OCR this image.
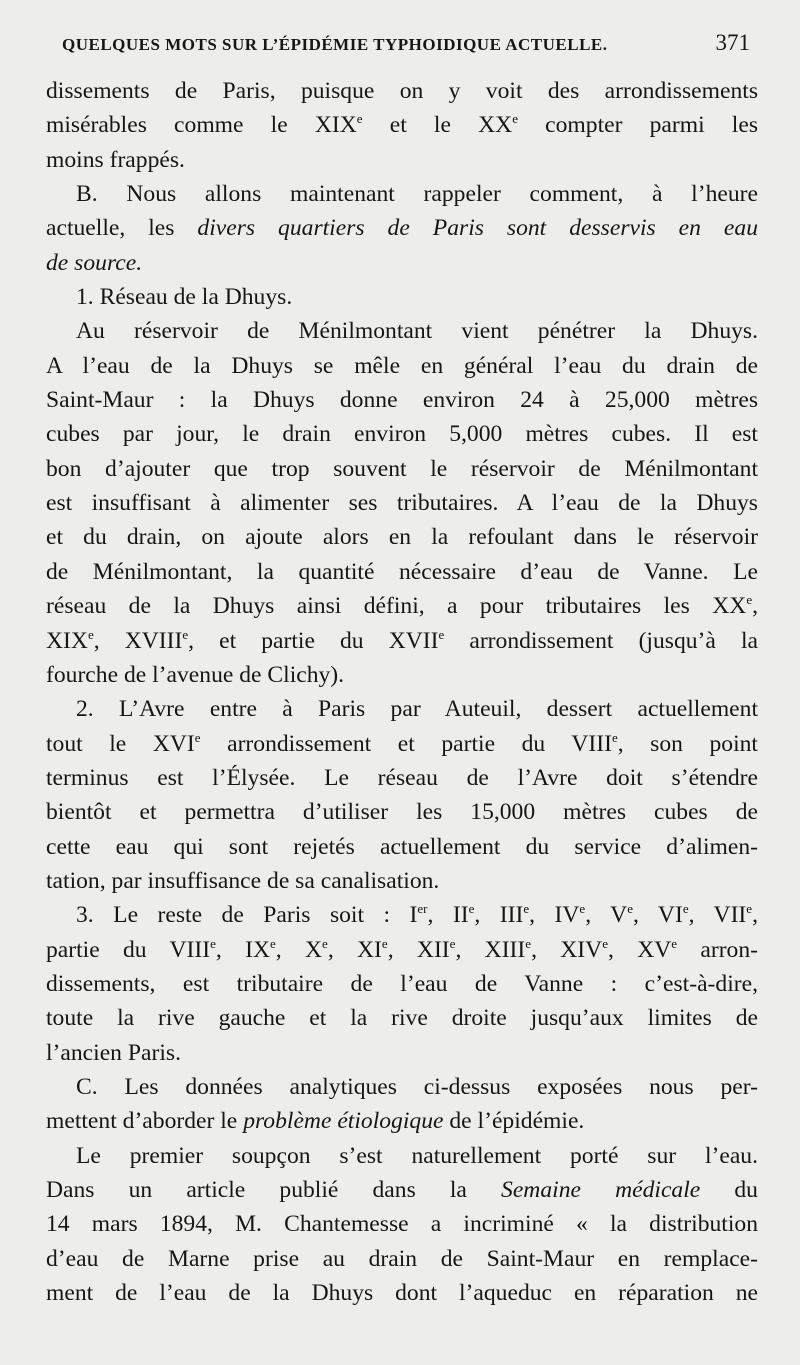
QUELQUES MOTS SUR L’ÉPIDÉMIE TYPHOIDIQUE ACTUELLE.	371

dissements de Paris, puisque on y voit des arrondissements

misérables comme le XIXe et le XXe compter parmi les

moins frappés.

B. Nous allons maintenant rappeler comment, à l’heure

actuelle, les divers quartiers de Paris sont desservis en eau

de source.

1. Réseau de la Dhuys.

Au réservoir de Ménilmontant vient pénétrer la Dhuys.

A l’eau de la Dhuys se mêle en général l’eau du drain de

Saint-Maur : la Dhuys donne environ 24 à 25,000 mètres

cubes par jour, le drain environ 5,000 mètres cubes. Il est

bon d’ajouter que trop souvent le réservoir de Ménilmontant

est insuffisant à alimenter ses tributaires. A l’eau de la Dhuys

et du drain, on ajoute alors en la refoulant dans le réservoir

de Ménilmontant, la quantité nécessaire d’eau de Vanne. Le

réseau de la Dhuys ainsi défini, a pour tributaires les XXe,

XIXe, XVIIIe, et partie du XVIIe arrondissement (jusqu’à la

fourche de l’avenue de Clichy).

2. L’Avre entre à Paris par Auteuil, dessert actuellement

tout le XVIe arrondissement et partie du VIIIe, son point

terminus est l’Élysée. Le réseau de l’Avre doit s’étendre

bientôt et permettra d’utiliser les 15,000 mètres cubes de

cette eau qui sont rejetés actuellement du service d’alimen-

tation, par insuffisance de sa canalisation.

3. Le reste de Paris soit : Ier, IIe, IIIe, IVe, Ve, VIe, VIIe,

partie du VIIIe, IXe, Xe, XIe, XIIe, XIIIe, XIVe, XVe arron-

dissements, est tributaire de l’eau de Vanne : c’est-à-dire,

toute la rive gauche et la rive droite jusqu’aux limites de

l’ancien Paris.

C. Les données analytiques ci-dessus exposées nous per-

mettent d’aborder le problème étiologique de l’épidémie.

Le premier soupçon s’est naturellement porté sur l’eau.

Dans un article publié dans la Semaine médicale du

14 mars 1894, M. Chantemesse a incriminé « la distribution

d’eau de Marne prise au drain de Saint-Maur en remplace-

ment de l’eau de la Dhuys dont l’aqueduc en réparation ne
